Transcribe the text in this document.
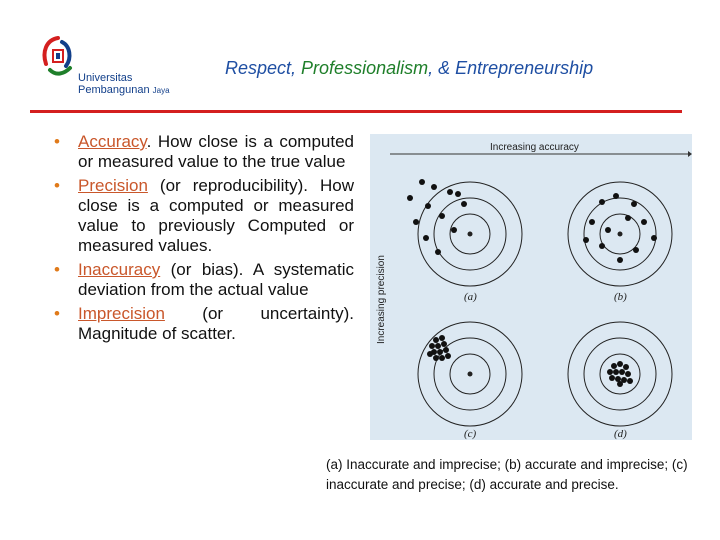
Universitas
Pembangunan Jaya
Respect, Professionalism, & Entrepreneurship
• Accuracy. How close is a computed or measured value to the true value
• Precision (or reproducibility). How close is a computed or measured value to previously Computed or measured values.
• Inaccuracy (or bias). A systematic deviation from the actual value
• Imprecision (or uncertainty). Magnitude of scatter.
Increasing accuracy
Increasing precision	(a)	(b)
(c)	(d)
(a) Inaccurate and imprecise; (b) accurate and imprecise; (c) inaccurate and precise; (d) accurate and precise.
